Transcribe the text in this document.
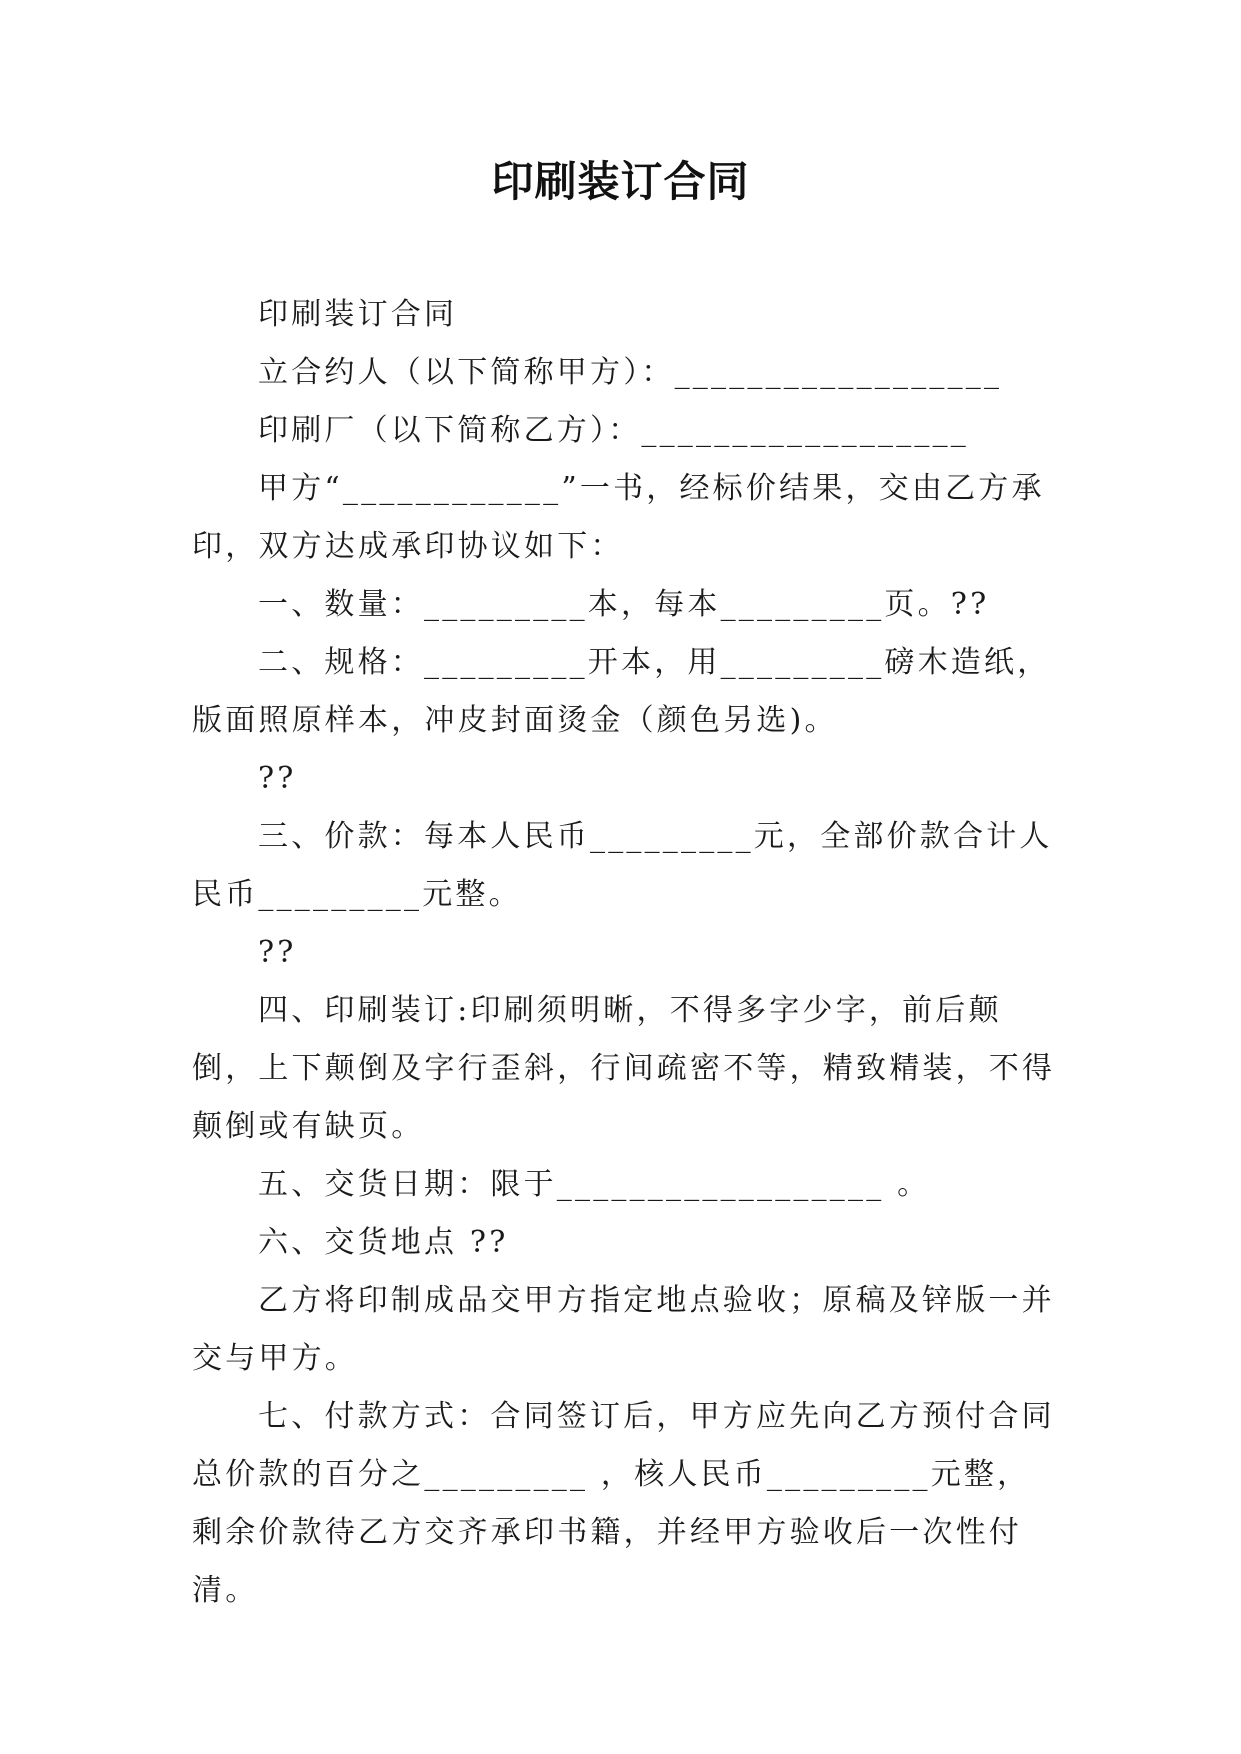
印刷装订合同

印刷装订合同

立合约人（以下简称甲方）：__________________

印刷厂（以下简称乙方）：__________________

甲方“____________”一书，经标价结果，交由乙方承印，双方达成承印协议如下：

一、数量：_________本，每本_________页。??

二、规格：_________开本，用_________磅木造纸，版面照原样本，冲皮封面烫金（颜色另选)。

??

三、价款：每本人民币_________元，全部价款合计人民币_________元整。

??

四、印刷装订:印刷须明晰，不得多字少字，前后颠倒，上下颠倒及字行歪斜，行间疏密不等，精致精装，不得颠倒或有缺页。

五、交货日期：限于__________________ 。

六、交货地点 ??

乙方将印制成品交甲方指定地点验收；原稿及锌版一并交与甲方。

七、付款方式：合同签订后，甲方应先向乙方预付合同总价款的百分之_________ ，核人民币_________元整，剩余价款待乙方交齐承印书籍，并经甲方验收后一次性付清。
